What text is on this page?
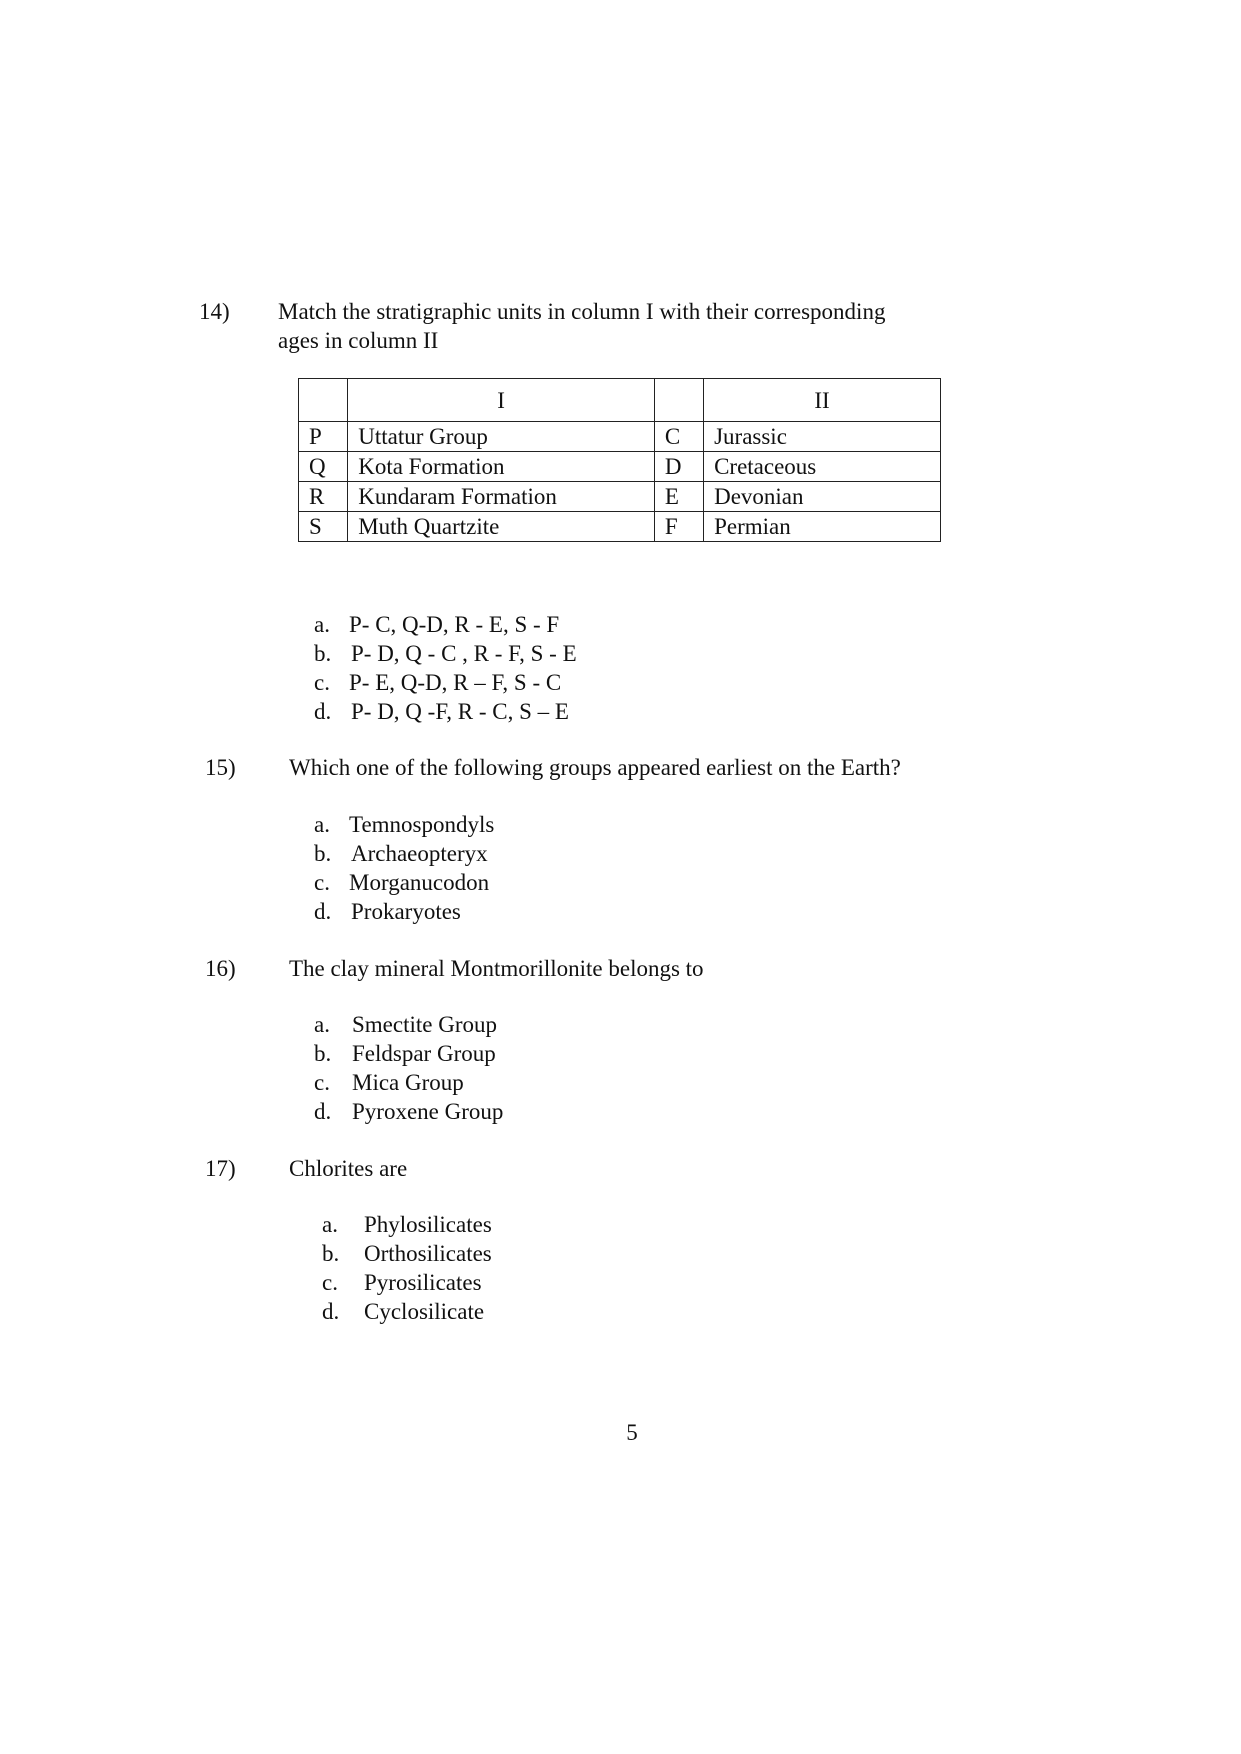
14) Match the stratigraphic units in column I with their corresponding
ages in column II
	I		II
P	Uttatur Group	C	Jurassic
Q	Kota Formation	D	Cretaceous
R	Kundaram Formation	E	Devonian
S	Muth Quartzite	F	Permian
a. P- C, Q-D, R - E, S - F
b. P- D, Q - C , R - F, S - E
c. P- E, Q-D, R – F, S - C
d. P- D, Q -F, R - C, S – E
15) Which one of the following groups appeared earliest on the Earth?
a. Temnospondyls
b. Archaeopteryx
c. Morganucodon
d. Prokaryotes
16) The clay mineral Montmorillonite belongs to
a. Smectite Group
b. Feldspar Group
c. Mica Group
d. Pyroxene Group
17) Chlorites are
a. Phylosilicates
b. Orthosilicates
c. Pyrosilicates
d. Cyclosilicate
5
